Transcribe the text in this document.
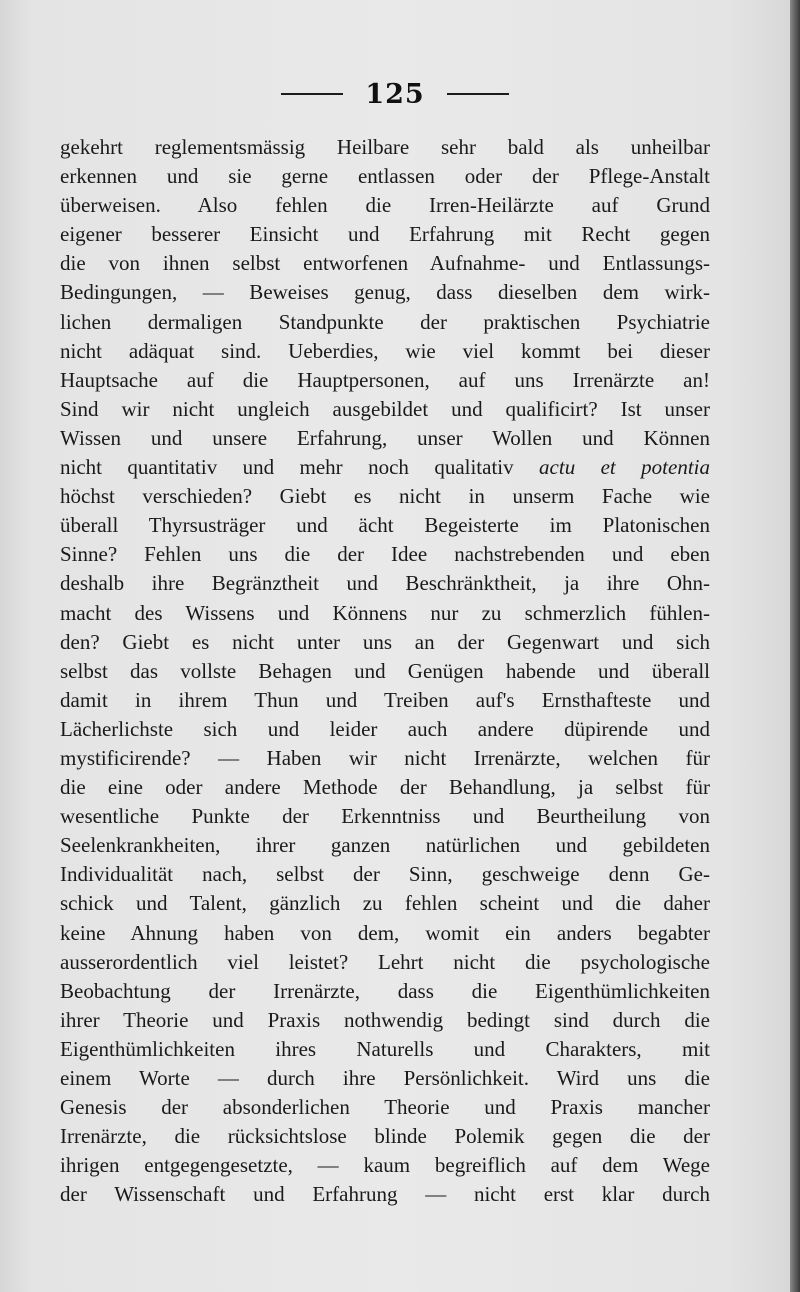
125
gekehrt reglementsmässig Heilbare sehr bald als unheilbar
erkennen und sie gerne entlassen oder der Pflege-Anstalt
überweisen. Also fehlen die Irren-Heilärzte auf Grund
eigener besserer Einsicht und Erfahrung mit Recht gegen
die von ihnen selbst entworfenen Aufnahme- und Entlassungs-
Bedingungen, — Beweises genug, dass dieselben dem wirk-
lichen dermaligen Standpunkte der praktischen Psychiatrie
nicht adäquat sind. Ueberdies, wie viel kommt bei dieser
Hauptsache auf die Hauptpersonen, auf uns Irrenärzte an!
Sind wir nicht ungleich ausgebildet und qualificirt? Ist unser
Wissen und unsere Erfahrung, unser Wollen und Können
nicht quantitativ und mehr noch qualitativ actu et potentia
höchst verschieden? Giebt es nicht in unserm Fache wie
überall Thyrsusträger und ächt Begeisterte im Platonischen
Sinne? Fehlen uns die der Idee nachstrebenden und eben
deshalb ihre Begränztheit und Beschränktheit, ja ihre Ohn-
macht des Wissens und Könnens nur zu schmerzlich fühlen-
den? Giebt es nicht unter uns an der Gegenwart und sich
selbst das vollste Behagen und Genügen habende und überall
damit in ihrem Thun und Treiben auf's Ernsthafteste und
Lächerlichste sich und leider auch andere düpirende und
mystificirende? — Haben wir nicht Irrenärzte, welchen für
die eine oder andere Methode der Behandlung, ja selbst für
wesentliche Punkte der Erkenntniss und Beurtheilung von
Seelenkrankheiten, ihrer ganzen natürlichen und gebildeten
Individualität nach, selbst der Sinn, geschweige denn Ge-
schick und Talent, gänzlich zu fehlen scheint und die daher
keine Ahnung haben von dem, womit ein anders begabter
ausserordentlich viel leistet? Lehrt nicht die psychologische
Beobachtung der Irrenärzte, dass die Eigenthümlichkeiten
ihrer Theorie und Praxis nothwendig bedingt sind durch die
Eigenthümlichkeiten ihres Naturells und Charakters, mit
einem Worte — durch ihre Persönlichkeit. Wird uns die
Genesis der absonderlichen Theorie und Praxis mancher
Irrenärzte, die rücksichtslose blinde Polemik gegen die der
ihrigen entgegengesetzte, — kaum begreiflich auf dem Wege
der Wissenschaft und Erfahrung — nicht erst klar durch
